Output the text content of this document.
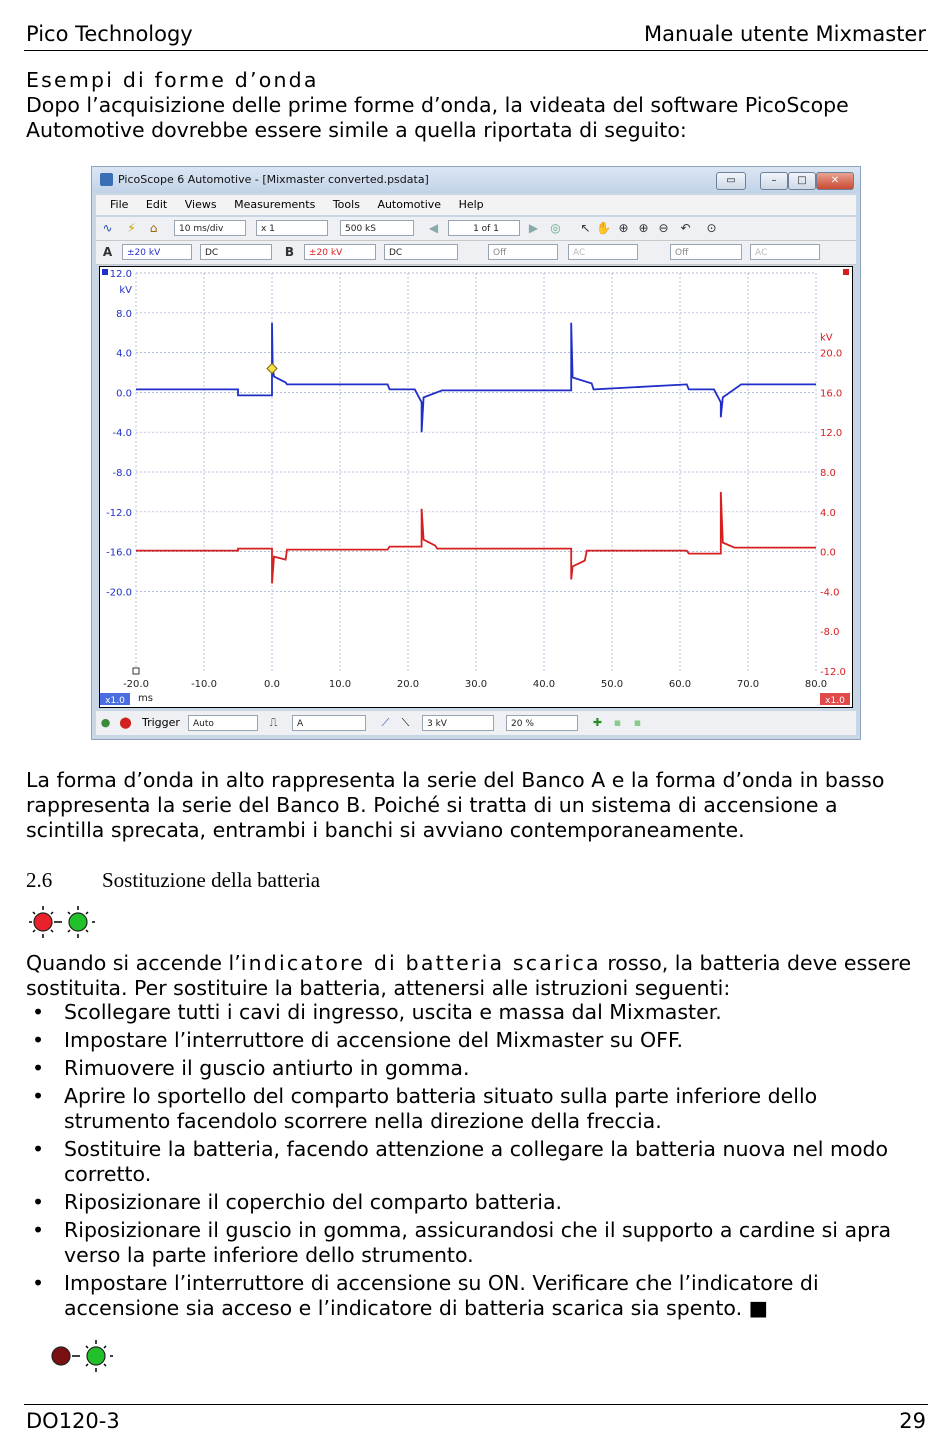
Pico Technology	Manuale utente Mixmaster
Esempi di forme d’onda
Dopo l’acquisizione delle prime forme d’onda, la videata del software PicoScope
Automotive dovrebbe essere simile a quella riportata di seguito:
PicoScope 6 Automotive - [Mixmaster converted.psdata]	▭	–	□	✕
File Edit Views Measurements Tools Automotive Help
∿ ⚡	⌂	10 ms/div	x 1	500 kS	◀	1 of 1	▶ ◎ ↖ ✋ ⊕ ⊕ ⊖ ↶ ⊙
A	±20 kV	DC	B	±20 kV	DC	Off	AC	Off	AC
12.0
8.0
4.0
0.0
-4.0
-8.0
-12.0
-16.0
-20.0
kV
20.0
16.0
12.0
8.0
4.0
0.0
-4.0
-8.0
-12.0
kV
-20.0	-10.0	0.0	10.0	20.0	30.0	40.0	50.0	60.0	70.0	80.0
ms
x1.0	x1.0
● ⬤ Trigger	Auto	⎍	A	⟋	⟍	3 kV	20 %	✚	▪	▪
La forma d’onda in alto rappresenta la serie del Banco A e la forma d’onda in basso
rappresenta la serie del Banco B. Poiché si tratta di un sistema di accensione a
scintilla sprecata, entrambi i banchi si avviano contemporaneamente.
2.6 Sostituzione della batteria
Quando si accende l’indicatore di batteria scarica rosso, la batteria deve essere
sostituita. Per sostituire la batteria, attenersi alle istruzioni seguenti:
• Scollegare tutti i cavi di ingresso, uscita e massa dal Mixmaster.
• Impostare l’interruttore di accensione del Mixmaster su OFF.
• Rimuovere il guscio antiurto in gomma.
• Aprire lo sportello del comparto batteria situato sulla parte inferiore dello strumento facendolo scorrere nella direzione della freccia.
• Sostituire la batteria, facendo attenzione a collegare la batteria nuova nel modo corretto.
• Riposizionare il coperchio del comparto batteria.
• Riposizionare il guscio in gomma, assicurandosi che il supporto a cardine si apra verso la parte inferiore dello strumento.
• Impostare l’interruttore di accensione su ON. Verificare che l’indicatore di accensione sia acceso e l’indicatore di batteria scarica sia spento. ■
DO120-3	29
